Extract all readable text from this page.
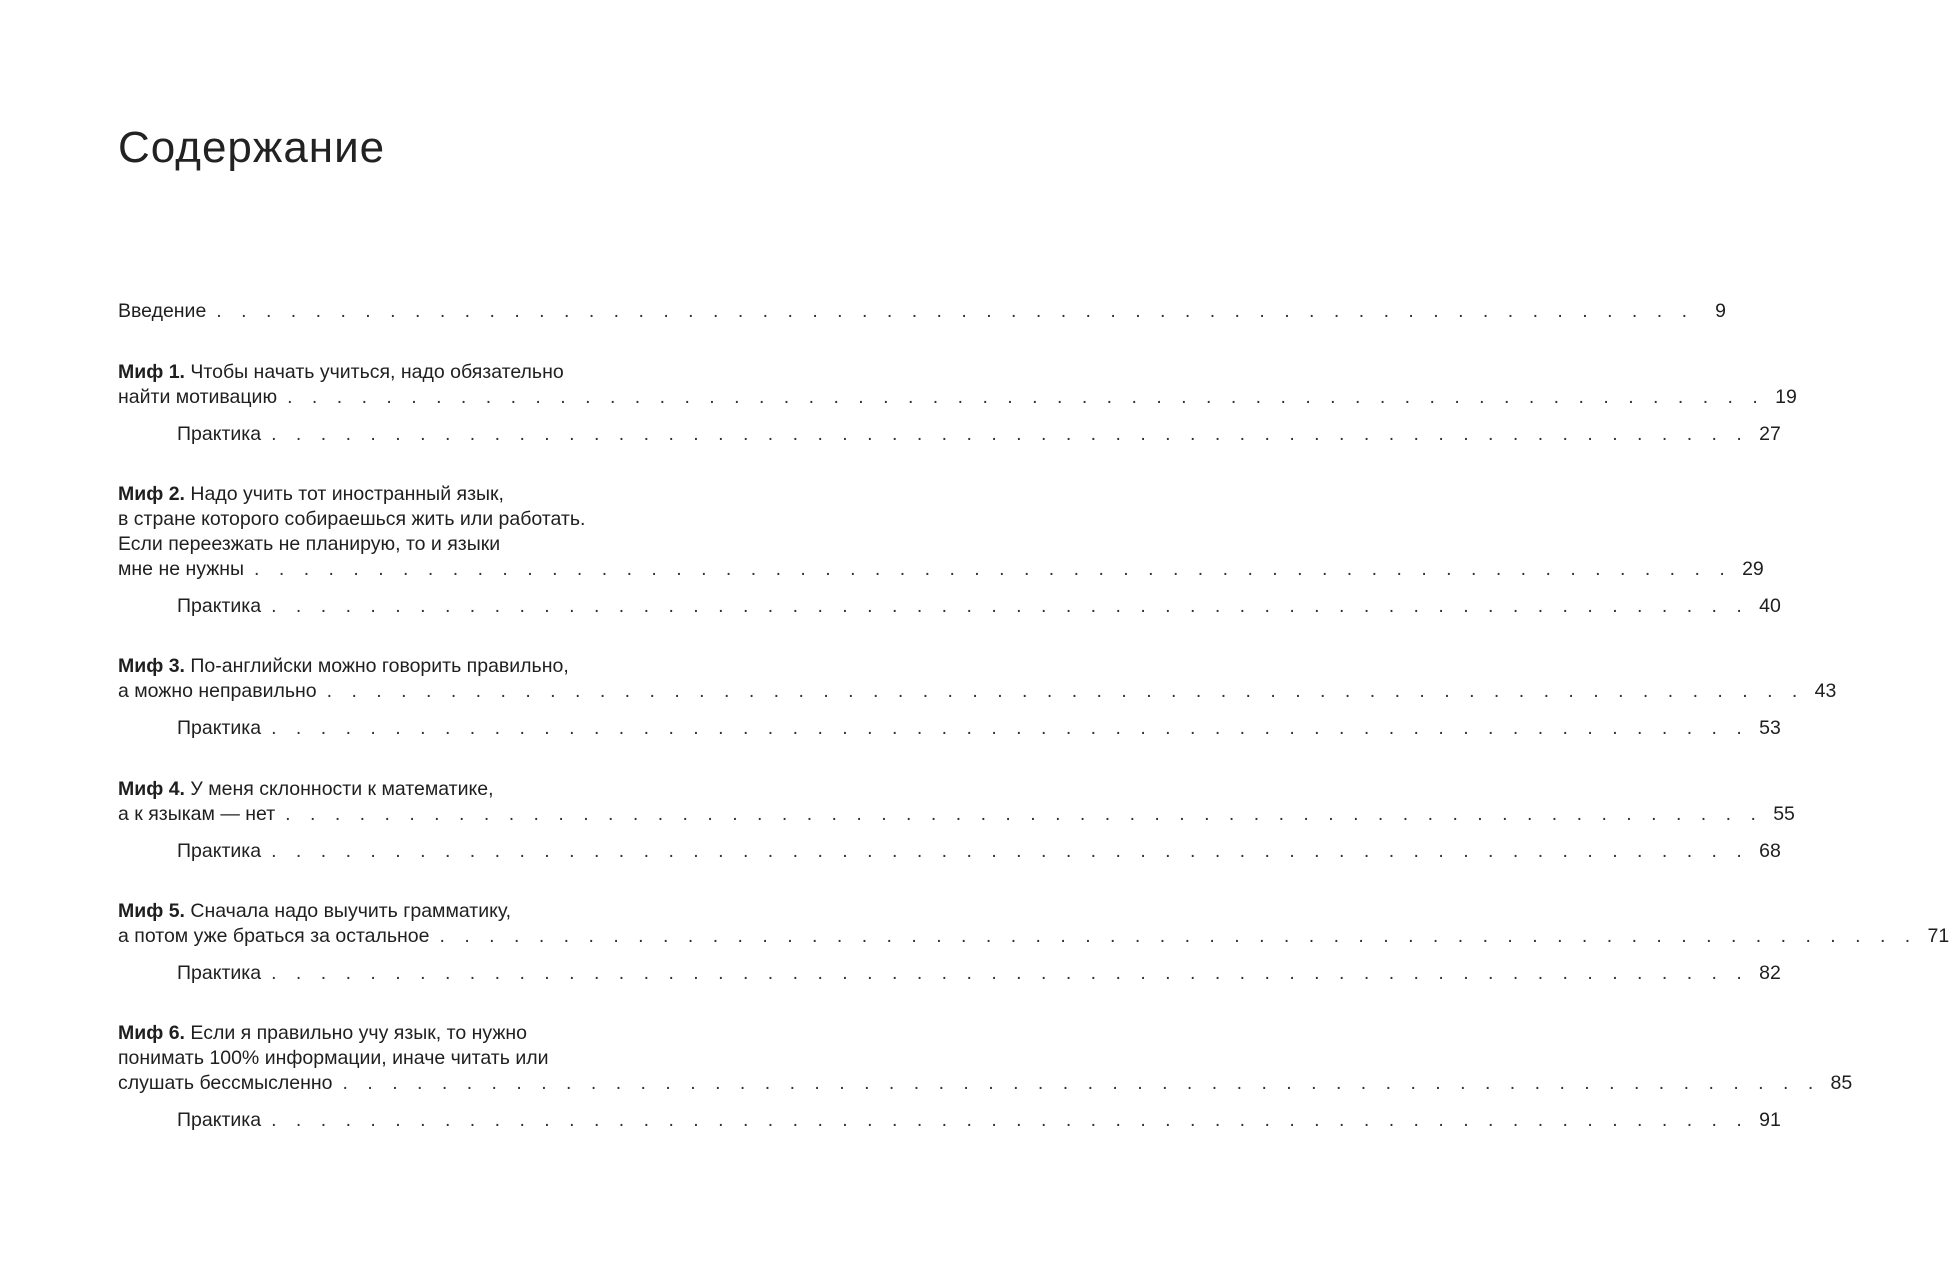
Содержание
Введение . . . . . . . . . . . . . . . . . . . . . . . . . . . . . . . . . . . . . . . . . . . . . . . . . . . . . . . . . . . .	9
Миф 1. Чтобы начать учиться, надо обязательно
найти мотивацию . . . . . . . . . . . . . . . . . . . . . . . . . . . . . . . . . . . . . . . . . . . . . . . . . . . . . . . . . . . . 19
Практика . . . . . . . . . . . . . . . . . . . . . . . . . . . . . . . . . . . . . . . . . . . . . . . . . . . . . . . . . . . . 27
Миф 2. Надо учить тот иностранный язык,
в стране которого собираешься жить или работать.
Если переезжать не планирую, то и языки
мне не нужны . . . . . . . . . . . . . . . . . . . . . . . . . . . . . . . . . . . . . . . . . . . . . . . . . . . . . . . . . . . . 29
Практика . . . . . . . . . . . . . . . . . . . . . . . . . . . . . . . . . . . . . . . . . . . . . . . . . . . . . . . . . . . . 40
Миф 3. По-английски можно говорить правильно,
а можно неправильно . . . . . . . . . . . . . . . . . . . . . . . . . . . . . . . . . . . . . . . . . . . . . . . . . . . . . . . . . . . . 43
Практика . . . . . . . . . . . . . . . . . . . . . . . . . . . . . . . . . . . . . . . . . . . . . . . . . . . . . . . . . . . . 53
Миф 4. У меня склонности к математике,
а к языкам — нет . . . . . . . . . . . . . . . . . . . . . . . . . . . . . . . . . . . . . . . . . . . . . . . . . . . . . . . . . . . . 55
Практика . . . . . . . . . . . . . . . . . . . . . . . . . . . . . . . . . . . . . . . . . . . . . . . . . . . . . . . . . . . . 68
Миф 5. Сначала надо выучить грамматику,
а потом уже браться за остальное . . . . . . . . . . . . . . . . . . . . . . . . . . . . . . . . . . . . . . . . . . . . . . . . . . . . . . . . . . . . 71
Практика . . . . . . . . . . . . . . . . . . . . . . . . . . . . . . . . . . . . . . . . . . . . . . . . . . . . . . . . . . . . 82
Миф 6. Если я правильно учу язык, то нужно
понимать 100% информации, иначе читать или
слушать бессмысленно . . . . . . . . . . . . . . . . . . . . . . . . . . . . . . . . . . . . . . . . . . . . . . . . . . . . . . . . . . . . 85
Практика . . . . . . . . . . . . . . . . . . . . . . . . . . . . . . . . . . . . . . . . . . . . . . . . . . . . . . . . . . . . 91
